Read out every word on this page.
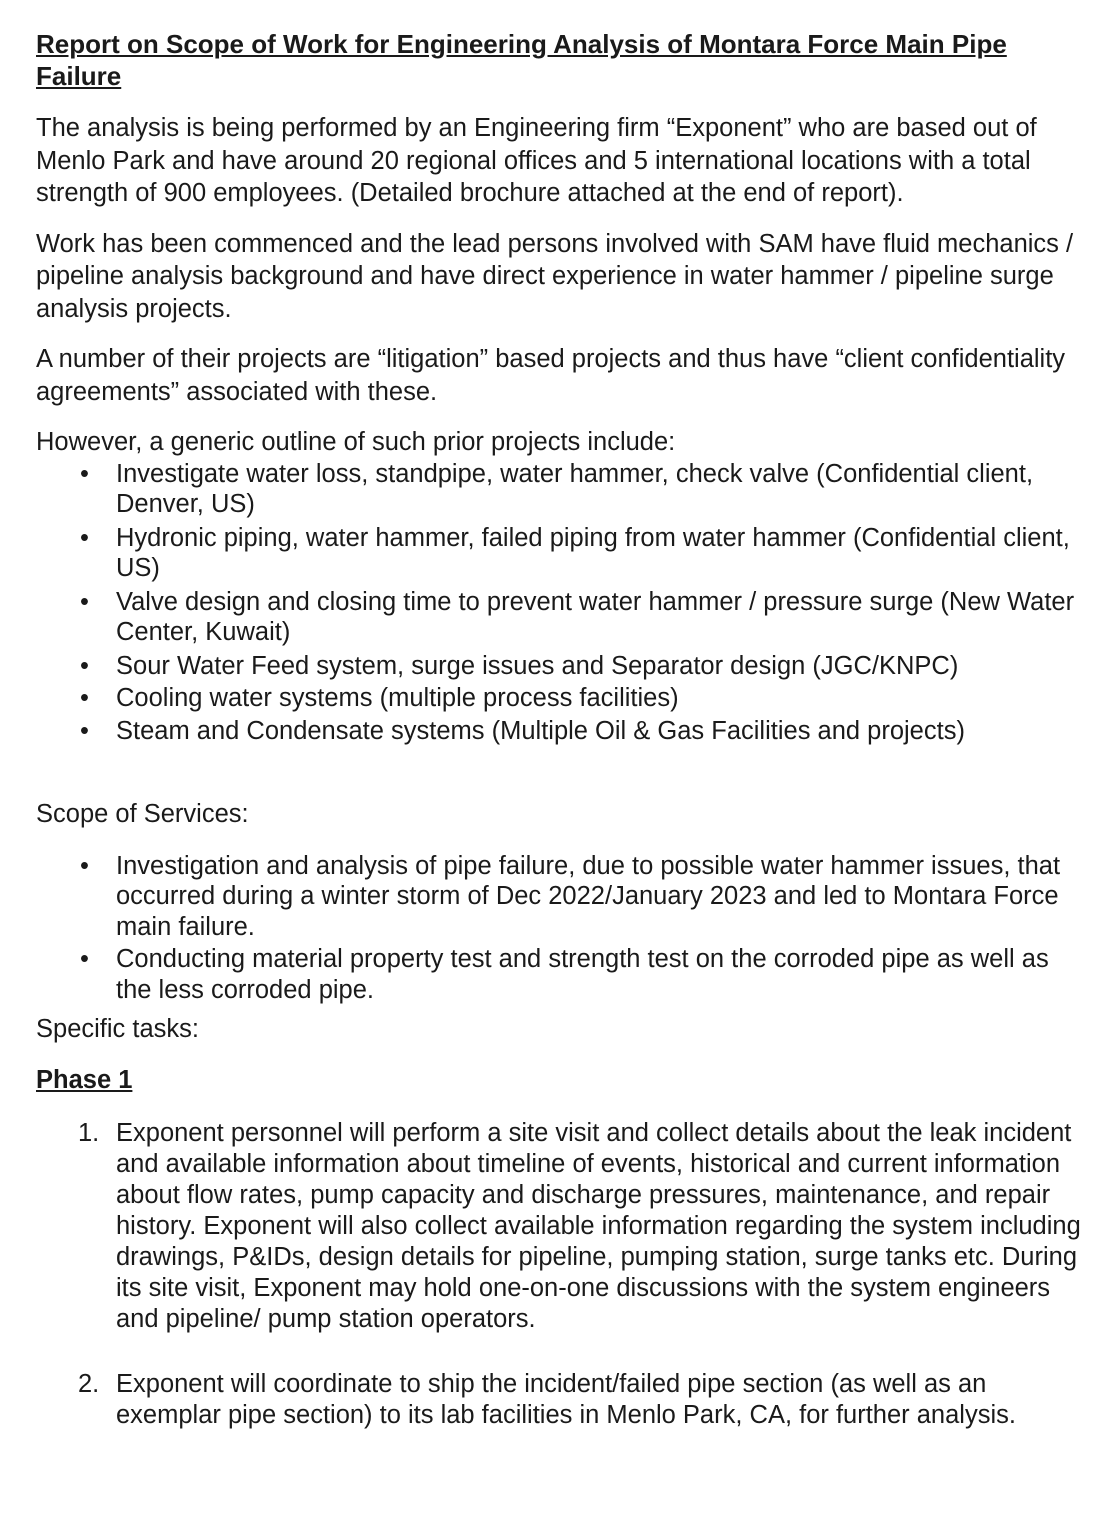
Report on Scope of Work for Engineering Analysis of Montara Force Main Pipe Failure

The analysis is being performed by an Engineering firm “Exponent” who are based out of Menlo Park and have around 20 regional offices and 5 international locations with a total strength of 900 employees. (Detailed brochure attached at the end of report).

Work has been commenced and the lead persons involved with SAM have fluid mechanics / pipeline analysis background and have direct experience in water hammer / pipeline surge analysis projects.

A number of their projects are “litigation” based projects and thus have “client confidentiality agreements” associated with these.

However, a generic outline of such prior projects include:

• Investigate water loss, standpipe, water hammer, check valve (Confidential client, Denver, US)
• Hydronic piping, water hammer, failed piping from water hammer (Confidential client, US)
• Valve design and closing time to prevent water hammer / pressure surge (New Water Center, Kuwait)
• Sour Water Feed system, surge issues and Separator design (JGC/KNPC)
• Cooling water systems (multiple process facilities)
• Steam and Condensate systems (Multiple Oil & Gas Facilities and projects)

Scope of Services:

• Investigation and analysis of pipe failure, due to possible water hammer issues, that occurred during a winter storm of Dec 2022/January 2023 and led to Montara Force main failure.
• Conducting material property test and strength test on the corroded pipe as well as the less corroded pipe.

Specific tasks:

Phase 1

1. Exponent personnel will perform a site visit and collect details about the leak incident and available information about timeline of events, historical and current information about flow rates, pump capacity and discharge pressures, maintenance, and repair history. Exponent will also collect available information regarding the system including drawings, P&IDs, design details for pipeline, pumping station, surge tanks etc. During its site visit, Exponent may hold one-on-one discussions with the system engineers and pipeline/ pump station operators.
2. Exponent will coordinate to ship the incident/failed pipe section (as well as an exemplar pipe section) to its lab facilities in Menlo Park, CA, for further analysis.
